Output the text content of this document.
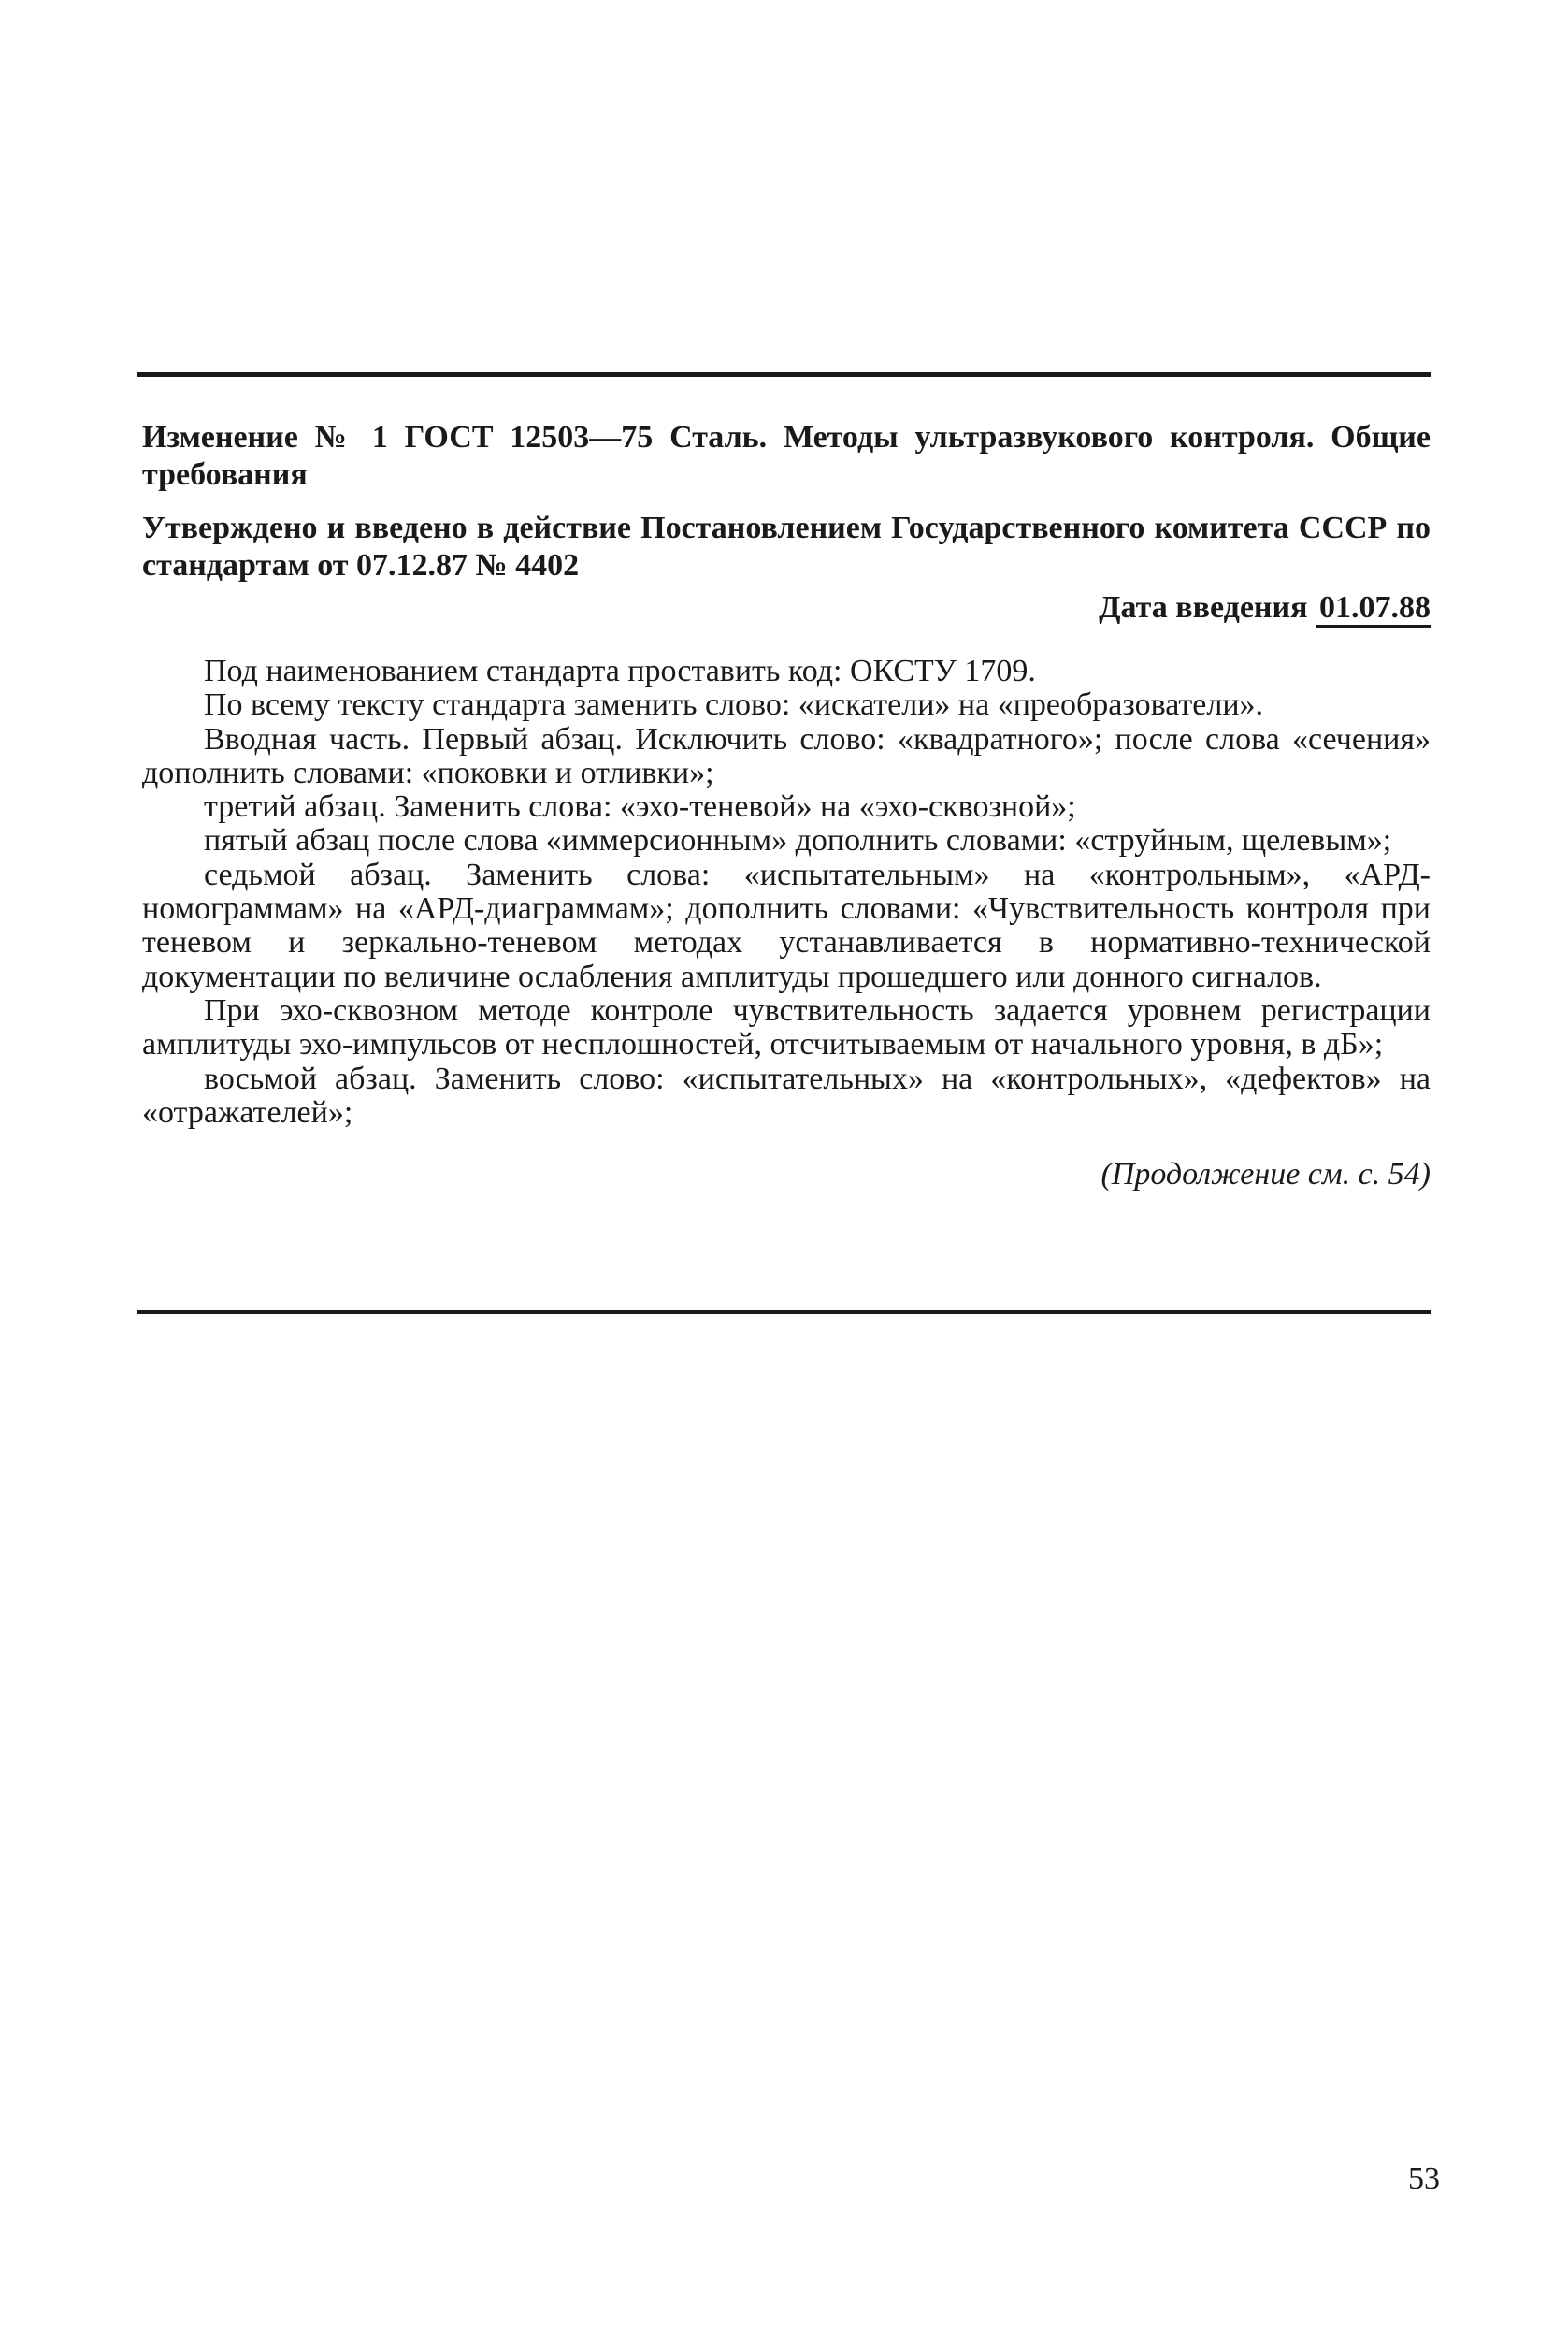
Изменение № 1 ГОСТ 12503—75 Сталь. Методы ультразвукового контроля. Общие требования

Утверждено и введено в действие Постановлением Государственного комитета СССР по стандартам от 07.12.87 № 4402

Дата введения 01.07.88

Под наименованием стандарта проставить код: ОКСТУ 1709.

По всему тексту стандарта заменить слово: «искатели» на «преобразователи».

Вводная часть. Первый абзац. Исключить слово: «квадратного»; после слова «сечения» дополнить словами: «поковки и отливки»;

третий абзац. Заменить слова: «эхо-теневой» на «эхо-сквозной»;

пятый абзац после слова «иммерсионным» дополнить словами: «струйным, щелевым»;

седьмой абзац. Заменить слова: «испытательным» на «контрольным», «АРД-номограммам» на «АРД-диаграммам»; дополнить словами: «Чувствительность контроля при теневом и зеркально-теневом методах устанавливается в нормативно-технической документации по величине ослабления амплитуды прошедшего или донного сигналов.

При эхо-сквозном методе контроле чувствительность задается уровнем регистрации амплитуды эхо-импульсов от несплошностей, отсчитываемым от начального уровня, в дБ»;

восьмой абзац. Заменить слово: «испытательных» на «контрольных», «дефектов» на «отражателей»;

(Продолжение см. с. 54)
53
